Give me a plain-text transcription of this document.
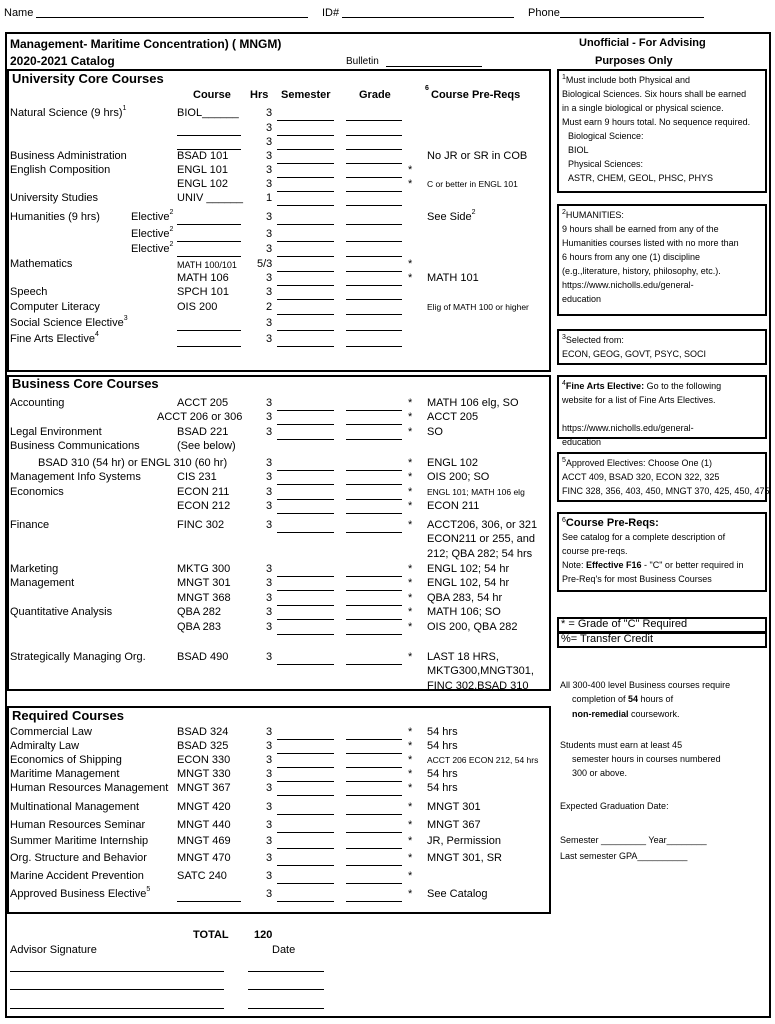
Name	ID#	Phone
Management- Maritime Concentration) ( MNGM)
2020-2021 Catalog	Bulletin
Unofficial - For Advising
Purposes Only
University Core Courses
Business Core Courses
Required Courses
Course Hrs Semester	Grade
$^6$
Course Pre-Reqs
Natural Science (9 hrs)$^1$	BIOL______ 3
3
3
Business Administration	BSAD 101	3	No JR or SR in COB
English Composition	ENGL 101	3	*
ENGL 102	3	* C or better in ENGL 101
University Studies	UNIV ______ 1
Humanities (9 hrs)	Elective$^2$	3	See Side$^2$
Elective$^2$	3
Elective$^2$	3
Mathematics	MATH 100/101 5/3	*
MATH 106	3	* MATH 101
Speech	SPCH 101	3
Computer Literacy	OIS 200	2	Elig of MATH 100 or higher
Social Science Elective$^3$	3
Fine Arts Elective$^4$	3
Accounting	ACCT 205	3	* MATH 106 elg, SO
ACCT 206 or 306 3	* ACCT 205
Legal Environment	BSAD 221	3	* SO
Business Communications	(See below)
BSAD 310 (54 hr) or ENGL 310 (60 hr)	3	* ENGL 102
Management Info Systems	CIS 231	3	* OIS 200; SO
Economics	ECON 211	3	* ENGL 101; MATH 106 elg
ECON 212	3	* ECON 211
Finance	FINC 302	3	* ACCT206, 306, or 321
ECON211 or 255, and
212; QBA 282; 54 hrs
Marketing	MKTG 300	3	* ENGL 102; 54 hr
Management	MNGT 301	3	* ENGL 102, 54 hr
MNGT 368	3	* QBA 283, 54 hr
Quantitative Analysis	QBA 282	3	* MATH 106; SO
QBA 283	3	* OIS 200, QBA 282
Strategically Managing Org.	BSAD 490	3	* LAST 18 HRS,
MKTG300,MNGT301,
FINC 302,BSAD 310
Commercial Law	BSAD 324	3	* 54 hrs
Admiralty Law	BSAD 325	3	* 54 hrs
Economics of Shipping	ECON 330	3	* ACCT 206 ECON 212, 54 hrs
Maritime Management	MNGT 330	3	* 54 hrs
Human Resources Management MNGT 367	3	* 54 hrs
Multinational Management	MNGT 420	3	* MNGT 301
Human Resources Seminar	MNGT 440	3	* MNGT 367
Summer Maritime Internship	MNGT 469	3	* JR, Permission
Org. Structure and Behavior	MNGT 470	3	* MNGT 301, SR
Marine Accident Prevention	SATC 240	3	*
Approved Business Elective$^5$	3	* See Catalog
$^1$Must include both Physical and
Biological Sciences. Six hours shall be earned
in a single biological or physical science.
Must earn 9 hours total. No sequence required.
Biological Science:
BIOL
Physical Sciences:
ASTR, CHEM, GEOL, PHSC, PHYS
$^2$HUMANITIES:
9 hours shall be earned from any of the
Humanities courses listed with no more than
6 hours from any one (1) discipline
(e.g.,literature, history, philosophy, etc.).
https://www.nicholls.edu/general-
education
$^3$Selected from:
ECON, GEOG, GOVT, PSYC, SOCI
$^4$Fine Arts Elective: Go to the following
website for a list of Fine Arts Electives.

https://www.nicholls.edu/general-
education
$^5$Approved Electives: Choose One (1)
ACCT 409, BSAD 320, ECON 322, 325
FINC 328, 356, 403, 450, MNGT 370, 425, 450, 475
$^6$Course Pre-Reqs:
See catalog for a complete description of
course pre-reqs.
Note: Effective F16 - "C" or better required in
Pre-Req's for most Business Courses
* = Grade of "C" Required
%= Transfer Credit
All 300-400 level Business courses require
completion of 54 hours of
non-remedial coursework.
Students must earn at least 45
semester hours in courses numbered
300 or above.
Expected Graduation Date:
Semester _________ Year________
Last semester GPA__________
TOTAL 120
Advisor Signature	Date
